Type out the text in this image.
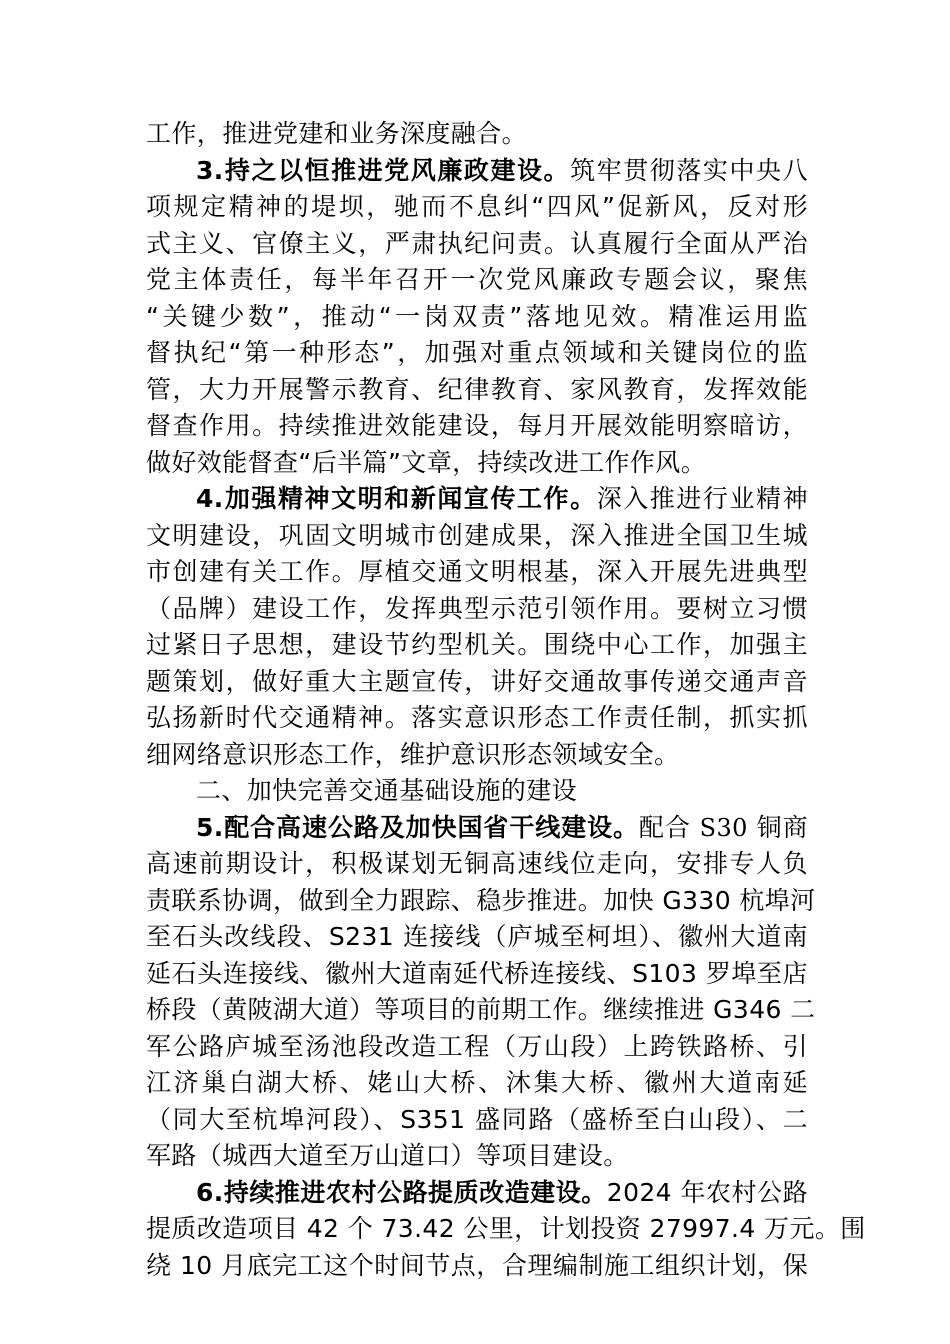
工作，推进党建和业务深度融合。
3.持之以恒推进党风廉政建设。筑牢贯彻落实中央八
项规定精神的堤坝，驰而不息纠“四风”促新风，反对形
式主义、官僚主义，严肃执纪问责。认真履行全面从严治
党主体责任，每半年召开一次党风廉政专题会议，聚焦
“关键少数”，推动“一岗双责”落地见效。精准运用监
督执纪“第一种形态”，加强对重点领域和关键岗位的监
管，大力开展警示教育、纪律教育、家风教育，发挥效能
督查作用。持续推进效能建设，每月开展效能明察暗访，
做好效能督查“后半篇”文章，持续改进工作作风。
4.加强精神文明和新闻宣传工作。深入推进行业精神
文明建设，巩固文明城市创建成果，深入推进全国卫生城
市创建有关工作。厚植交通文明根基，深入开展先进典型
（品牌）建设工作，发挥典型示范引领作用。要树立习惯
过紧日子思想，建设节约型机关。围绕中心工作，加强主
题策划，做好重大主题宣传，讲好交通故事传递交通声音
弘扬新时代交通精神。落实意识形态工作责任制，抓实抓
细网络意识形态工作，维护意识形态领域安全。
二、加快完善交通基础设施的建设
5.配合高速公路及加快国省干线建设。配合 S30 铜商
高速前期设计，积极谋划无铜高速线位走向，安排专人负
责联系协调，做到全力跟踪、稳步推进。加快 G330 杭埠河
至石头改线段、S231 连接线（庐城至柯坦）、徽州大道南
延石头连接线、徽州大道南延代桥连接线、S103 罗埠至店
桥段（黄陂湖大道）等项目的前期工作。继续推进 G346 二
军公路庐城至汤池段改造工程（万山段）上跨铁路桥、引
江济巢白湖大桥、姥山大桥、沐集大桥、徽州大道南延
（同大至杭埠河段）、S351 盛同路（盛桥至白山段）、二
军路（城西大道至万山道口）等项目建设。
6.持续推进农村公路提质改造建设。2024 年农村公路
提质改造项目 42 个 73.42 公里，计划投资 27997.4 万元。围
绕 10 月底完工这个时间节点，合理编制施工组织计划，保
